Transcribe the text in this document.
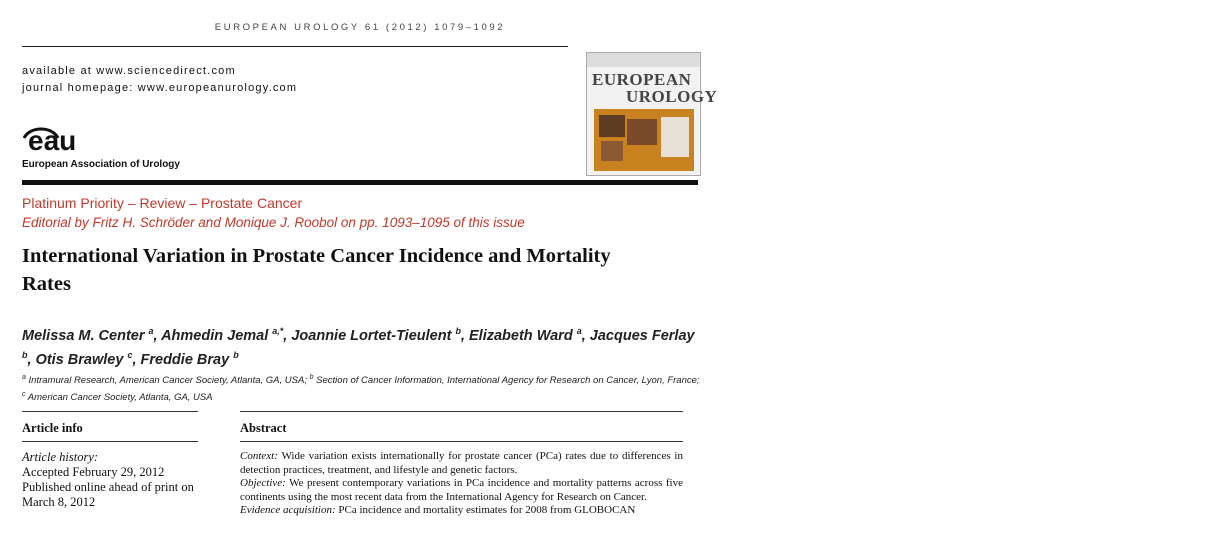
EUROPEAN UROLOGY 61 (2012) 1079–1092
available at www.sciencedirect.com
journal homepage: www.europeanurology.com
eau
European Association of Urology
EUROPEAN
UROLOGY
Platinum Priority – Review – Prostate Cancer
Editorial by Fritz H. Schröder and Monique J. Roobol on pp. 1093–1095 of this issue
International Variation in Prostate Cancer Incidence and Mortality Rates
Melissa M. Center $^a$, Ahmedin Jemal $^{a,*}$, Joannie Lortet-Tieulent $^b$, Elizabeth Ward $^a$, Jacques Ferlay $^b$, Otis Brawley $^c$, Freddie Bray $^b$
$^a$ Intramural Research, American Cancer Society, Atlanta, GA, USA; $^b$ Section of Cancer Information, International Agency for Research on Cancer, Lyon, France; $^c$ American Cancer Society, Atlanta, GA, USA
Article info	Abstract
Article history:
Accepted February 29, 2012
Published online ahead of print on March 8, 2012
Context: Wide variation exists internationally for prostate cancer (PCa) rates due to differences in detection practices, treatment, and lifestyle and genetic factors.
Objective: We present contemporary variations in PCa incidence and mortality patterns across five continents using the most recent data from the International Agency for Research on Cancer.
Evidence acquisition: PCa incidence and mortality estimates for 2008 from GLOBOCAN
